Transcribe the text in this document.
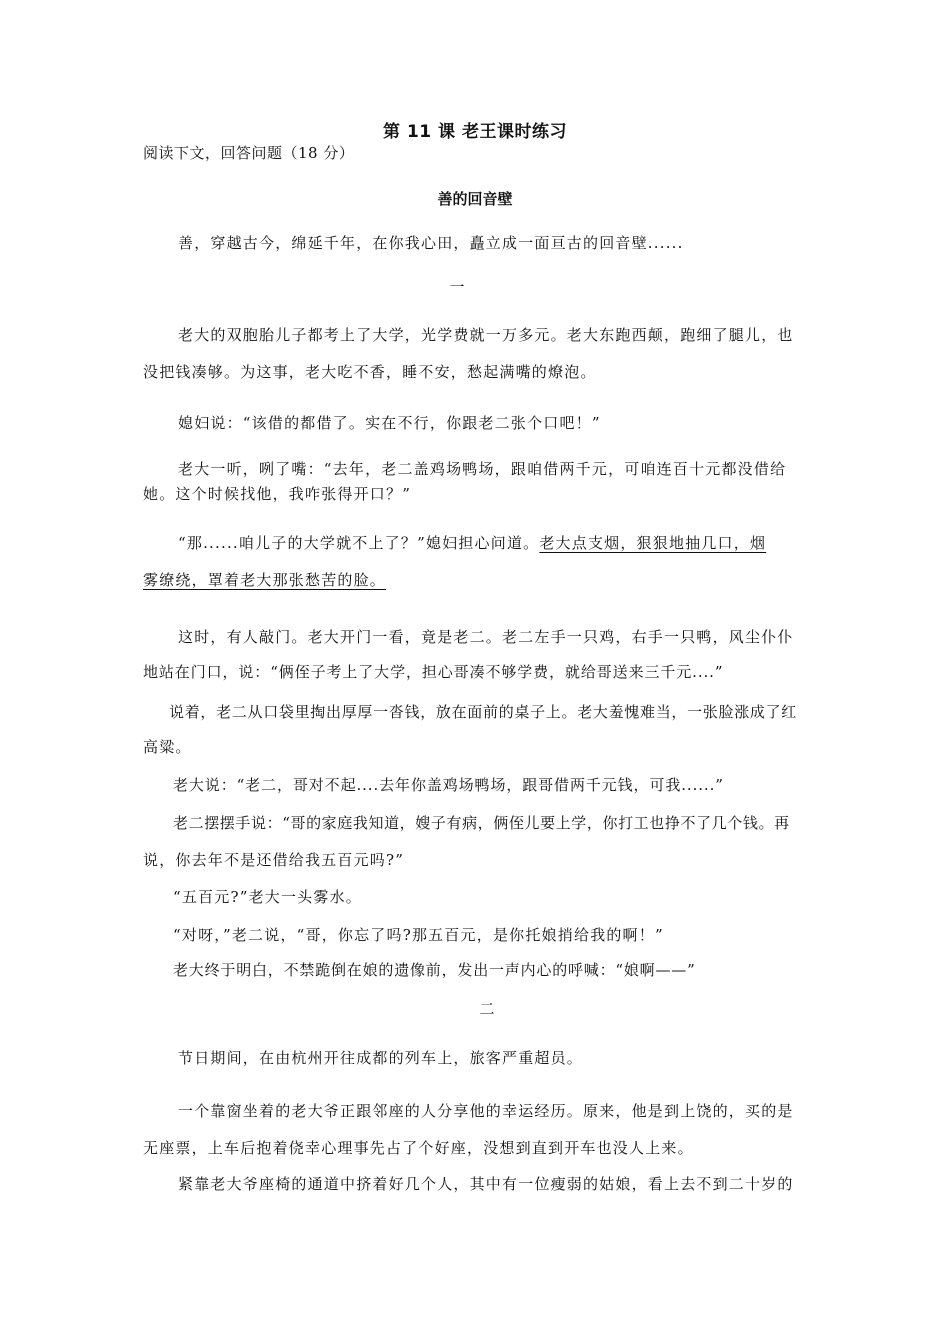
第 11 课 老王课时练习
阅读下文，回答问题（18 分）
善的回音壁
善，穿越古今，绵延千年，在你我心田，矗立成一面亘古的回音壁......
一
老大的双胞胎儿子都考上了大学，光学费就一万多元。老大东跑西颠，跑细了腿儿，也
没把钱凑够。为这事，老大吃不香，睡不安，愁起满嘴的燎泡。
媳妇说：“该借的都借了。实在不行，你跟老二张个口吧！”
老大一听，咧了嘴：“去年，老二盖鸡场鸭场，跟咱借两千元，可咱连百十元都没借给
她。这个时候找他，我咋张得开口？”
“那......咱儿子的大学就不上了？”媳妇担心问道。老大点支烟，狠狠地抽几口，烟
雾缭绕，罩着老大那张愁苦的脸。
这时，有人敲门。老大开门一看，竟是老二。老二左手一只鸡，右手一只鸭，风尘仆仆
地站在门口，说：“俩侄子考上了大学，担心哥凑不够学费，就给哥送来三千元....”
说着，老二从口袋里掏出厚厚一沓钱，放在面前的桌子上。老大羞愧难当，一张脸涨成了红
高粱。
老大说：“老二，哥对不起....去年你盖鸡场鸭场，跟哥借两千元钱，可我......”
老二摆摆手说：“哥的家庭我知道，嫂子有病，俩侄儿要上学，你打工也挣不了几个钱。再
说，你去年不是还借给我五百元吗?”
“五百元?”老大一头雾水。
“对呀，”老二说，“哥，你忘了吗?那五百元，是你托娘捎给我的啊！”
老大终于明白，不禁跪倒在娘的遗像前，发出一声内心的呼喊：“娘啊——”
二
节日期间，在由杭州开往成都的列车上，旅客严重超员。
一个靠窗坐着的老大爷正跟邻座的人分享他的幸运经历。原来，他是到上饶的，买的是
无座票，上车后抱着侥幸心理事先占了个好座，没想到直到开车也没人上来。
紧靠老大爷座椅的通道中挤着好几个人，其中有一位瘦弱的姑娘，看上去不到二十岁的
